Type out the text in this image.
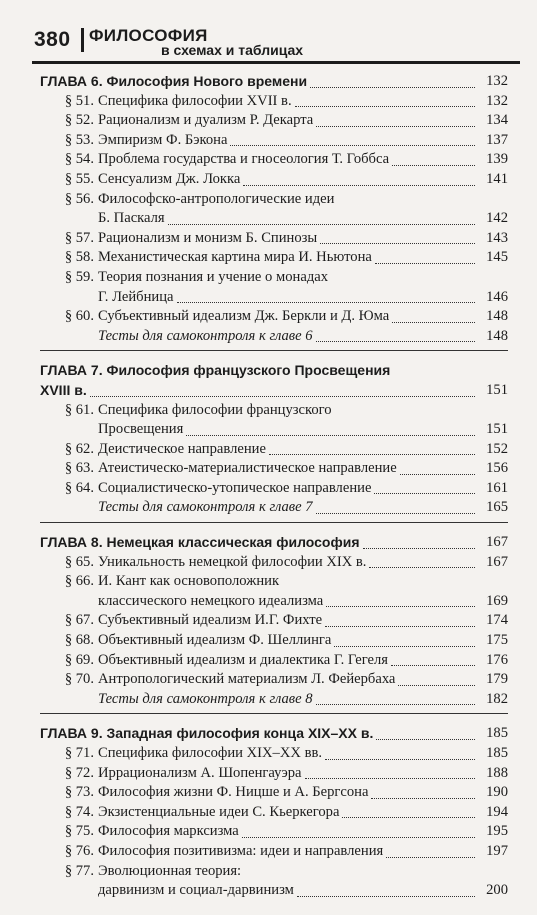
380 ФИЛОСОФИЯ
в схемах и таблицах
ГЛАВА 6. Философия Нового времени	132
§ 51. Специфика философии XVII в.	132
§ 52. Рационализм и дуализм Р. Декарта	134
§ 53. Эмпиризм Ф. Бэкона	137
§ 54. Проблема государства и гносеология Т. Гоббса	139
§ 55. Сенсуализм Дж. Локка	141
§ 56. Философско-антропологические идеи
Б. Паскаля	142
§ 57. Рационализм и монизм Б. Спинозы	143
§ 58. Механистическая картина мира И. Ньютона	145
§ 59. Теория познания и учение о монадах
Г. Лейбница	146
§ 60. Субъективный идеализм Дж. Беркли и Д. Юма	148
Тесты для самоконтроля к главе 6	148
ГЛАВА 7. Философия французского Просвещения
XVIII в.	151
§ 61. Специфика философии французского
Просвещения	151
§ 62. Деистическое направление	152
§ 63. Атеистическо-материалистическое направление	156
§ 64. Социалистическо-утопическое направление	161
Тесты для самоконтроля к главе 7	165
ГЛАВА 8. Немецкая классическая философия	167
§ 65. Уникальность немецкой философии XIX в.	167
§ 66. И. Кант как основоположник
классического немецкого идеализма	169
§ 67. Субъективный идеализм И.Г. Фихте	174
§ 68. Объективный идеализм Ф. Шеллинга	175
§ 69. Объективный идеализм и диалектика Г. Гегеля	176
§ 70. Антропологический материализм Л. Фейербаха	179
Тесты для самоконтроля к главе 8	182
ГЛАВА 9. Западная философия конца XIX–XX в.	185
§ 71. Специфика философии XIX–XX вв.	185
§ 72. Иррационализм А. Шопенгауэра	188
§ 73. Философия жизни Ф. Ницше и А. Бергсона	190
§ 74. Экзистенциальные идеи С. Кьеркегора	194
§ 75. Философия марксизма	195
§ 76. Философия позитивизма: идеи и направления	197
§ 77. Эволюционная теория:
дарвинизм и социал-дарвинизм	200
